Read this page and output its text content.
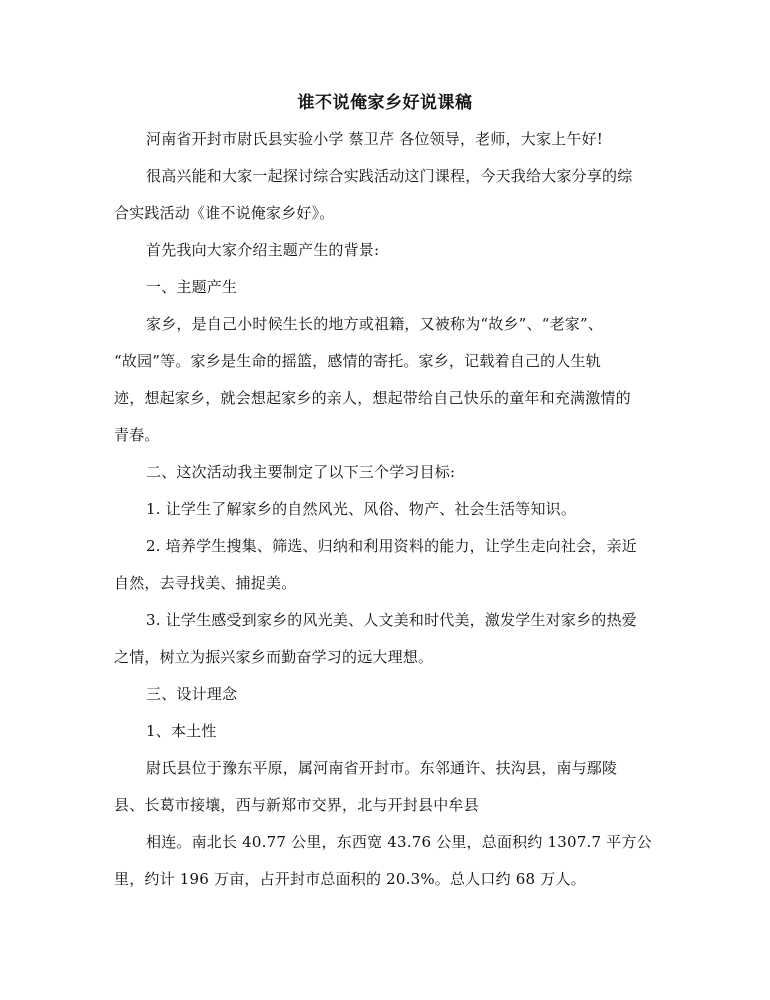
谁不说俺家乡好说课稿
河南省开封市尉氏县实验小学 蔡卫芹 各位领导，老师，大家上午好!
很高兴能和大家一起探讨综合实践活动这门课程，今天我给大家分享的综
合实践活动《谁不说俺家乡好》。
首先我向大家介绍主题产生的背景:
一、主题产生
家乡，是自己小时候生长的地方或祖籍，又被称为“故乡”、“老家”、
“故园”等。家乡是生命的摇篮，感情的寄托。家乡，记载着自己的人生轨
迹，想起家乡，就会想起家乡的亲人，想起带给自己快乐的童年和充满激情的
青春。
二、这次活动我主要制定了以下三个学习目标:
1. 让学生了解家乡的自然风光、风俗、物产、社会生活等知识。
2. 培养学生搜集、筛选、归纳和利用资料的能力，让学生走向社会，亲近
自然，去寻找美、捕捉美。
3. 让学生感受到家乡的风光美、人文美和时代美，激发学生对家乡的热爱
之情，树立为振兴家乡而勤奋学习的远大理想。
三、设计理念
1、本土性
尉氏县位于豫东平原，属河南省开封市。东邻通许、扶沟县，南与鄢陵
县、长葛市接壤，西与新郑市交界，北与开封县中牟县
相连。南北长 40.77 公里，东西宽 43.76 公里，总面积约 1307.7 平方公
里，约计 196 万亩，占开封市总面积的 20.3%。总人口约 68 万人。
